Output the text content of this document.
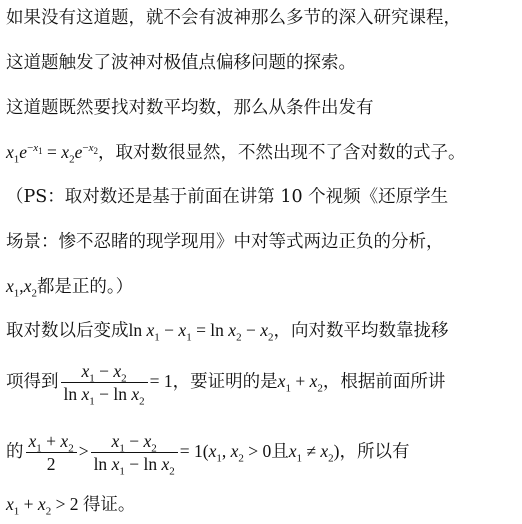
如果没有这道题，就不会有波神那么多节的深入研究课程，
这道题触发了波神对极值点偏移问题的探索。
这道题既然要找对数平均数，那么从条件出发有
$x_1e^{-x_1} = x_2e^{-x_2}$，取对数很显然，不然出现不了含对数的式子。
（PS：取对数还是基于前面在讲第 10 个视频《还原学生
场景：惨不忍睹的现学现用》中对等式两边正负的分析，
$x_1,x_2$都是正的。）
取对数以后变成$\ln x_1 - x_1 = \ln x_2 - x_2$，向对数平均数靠拢移
项得到 $\frac{x_1 - x_2}{\ln x_1 - \ln x_2} = 1$，要证明的是$x_1 + x_2$，根据前面所讲
的 $\frac{x_1 + x_2}{2} > \frac{x_1 - x_2}{\ln x_1 - \ln x_2} = 1(x_1$, $x_2 > 0$且$x_1 \ne x_2$)，所以有
$x_1 + x_2 > 2$ 得证。
